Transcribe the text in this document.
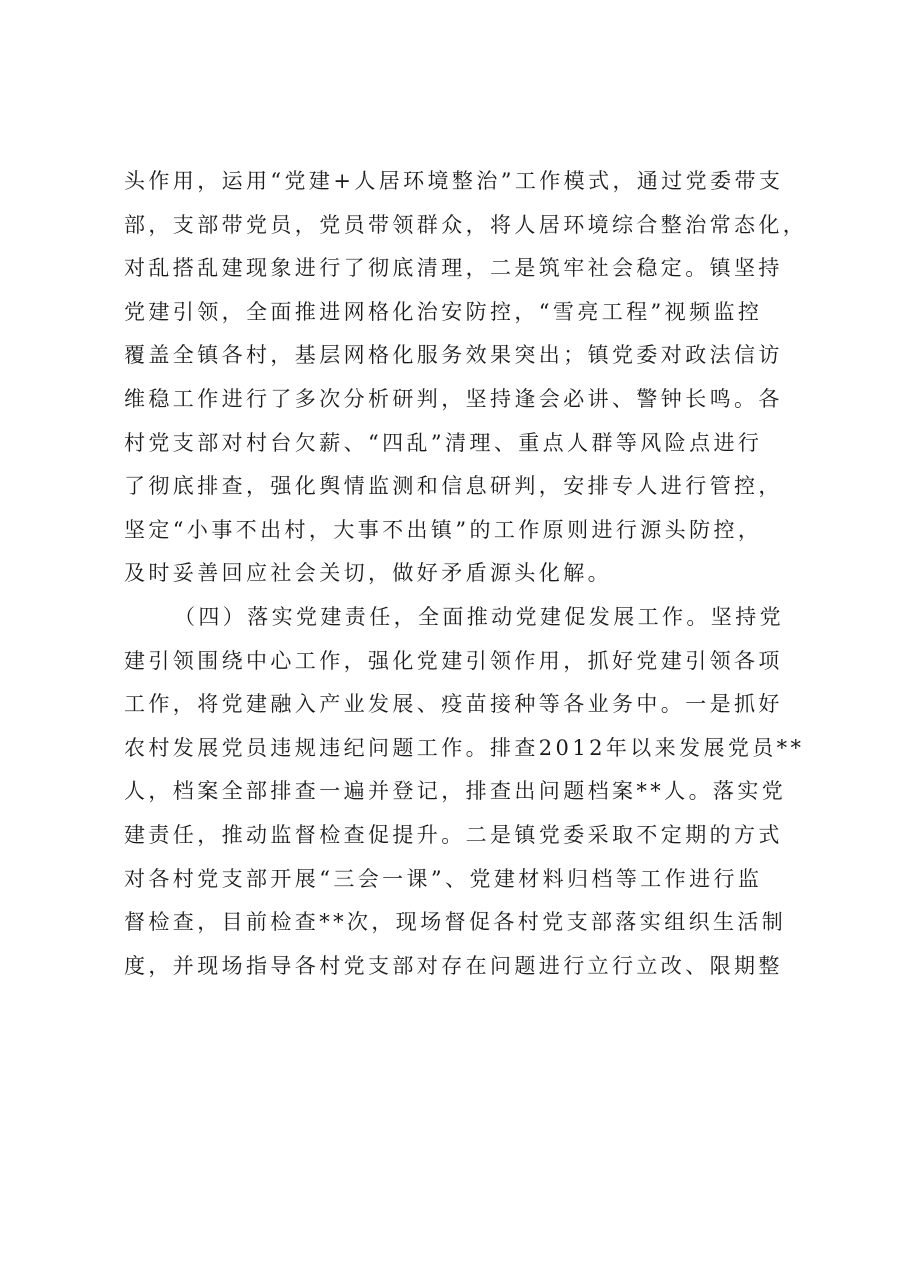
头作用，运用“党建+人居环境整治”工作模式，通过党委带支
部，支部带党员，党员带领群众，将人居环境综合整治常态化，
对乱搭乱建现象进行了彻底清理，二是筑牢社会稳定。镇坚持
党建引领，全面推进网格化治安防控，“雪亮工程”视频监控
覆盖全镇各村，基层网格化服务效果突出；镇党委对政法信访
维稳工作进行了多次分析研判，坚持逢会必讲、警钟长鸣。各
村党支部对村台欠薪、“四乱”清理、重点人群等风险点进行
了彻底排查，强化舆情监测和信息研判，安排专人进行管控，
坚定“小事不出村，大事不出镇”的工作原则进行源头防控，
及时妥善回应社会关切，做好矛盾源头化解。
（四）落实党建责任，全面推动党建促发展工作。坚持党
建引领围绕中心工作，强化党建引领作用，抓好党建引领各项
工作，将党建融入产业发展、疫苗接种等各业务中。一是抓好
农村发展党员违规违纪问题工作。排查2012年以来发展党员**
人，档案全部排查一遍并登记，排查出问题档案**人。落实党
建责任，推动监督检查促提升。二是镇党委采取不定期的方式
对各村党支部开展“三会一课”、党建材料归档等工作进行监
督检查，目前检查**次，现场督促各村党支部落实组织生活制
度，并现场指导各村党支部对存在问题进行立行立改、限期整
